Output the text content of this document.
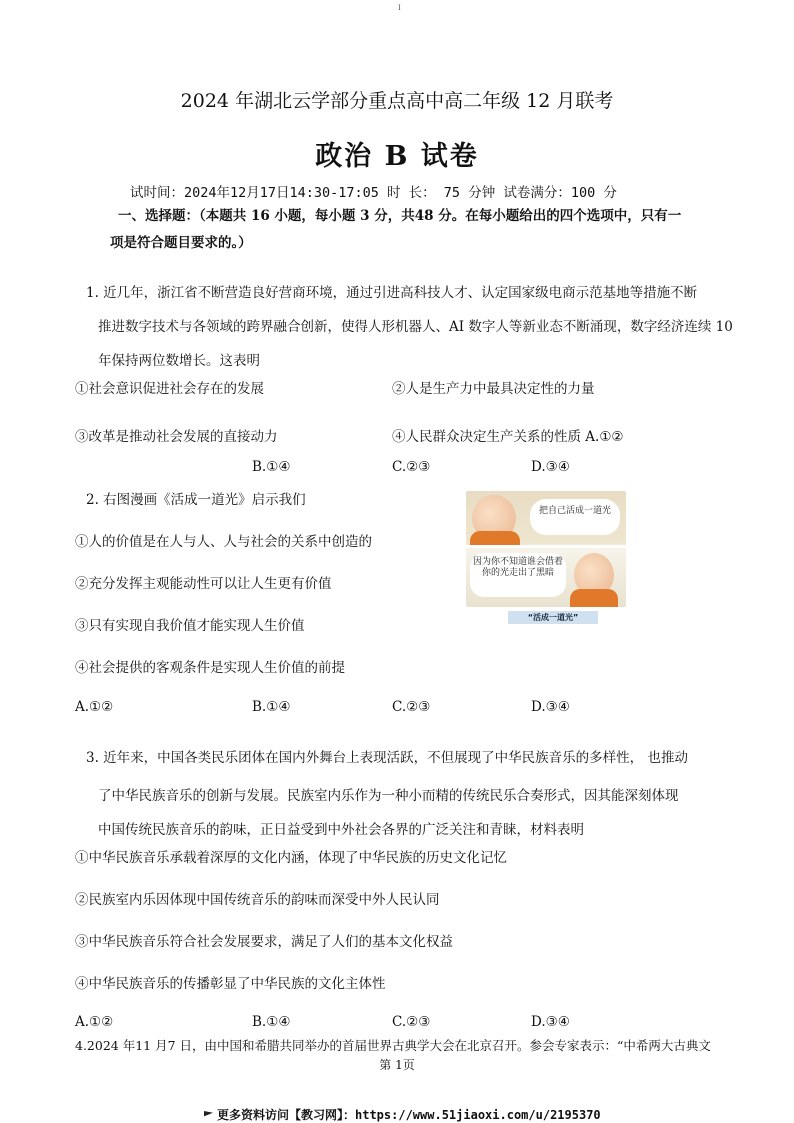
I
2024 年湖北云学部分重点高中高二年级 12 月联考
政治 B 试卷
试时间：2024年12月17日14:30-17:05 时 长： 75 分钟 试卷满分：100 分
一、选择题：（本题共 16 小题，每小题 3 分，共48 分。在每小题给出的四个选项中，只有一
项是符合题目要求的。）
1. 近几年，浙江省不断营造良好营商环境，通过引进高科技人才、认定国家级电商示范基地等措施不断
推进数字技术与各领域的跨界融合创新，使得人形机器人、AI 数字人等新业态不断涌现，数字经济连续 10
年保持两位数增长。这表明
①社会意识促进社会存在的发展	②人是生产力中最具决定性的力量
③改革是推动社会发展的直接动力	④人民群众决定生产关系的性质 A.①②
B.①④	C.②③	D.③④
2. 右图漫画《活成一道光》启示我们
①人的价值是在人与人、人与社会的关系中创造的
②充分发挥主观能动性可以让人生更有价值
③只有实现自我价值才能实现人生价值
④社会提供的客观条件是实现人生价值的前提
A.①②	B.①④	C.②③	D.③④
把自己活成一道光
因为你不知道谁会借着你的光走出了黑暗
“活成一道光”
3. 近年来，中国各类民乐团体在国内外舞台上表现活跃，不但展现了中华民族音乐的多样性， 也推动
了中华民族音乐的创新与发展。民族室内乐作为一种小而精的传统民乐合奏形式，因其能深刻体现
中国传统民族音乐的韵味，正日益受到中外社会各界的广泛关注和青睐，材料表明
①中华民族音乐承载着深厚的文化内涵，体现了中华民族的历史文化记忆
②民族室内乐因体现中国传统音乐的韵味而深受中外人民认同
③中华民族音乐符合社会发展要求，满足了人们的基本文化权益
④中华民族音乐的传播彰显了中华民族的文化主体性
A.①②	B.①④	C.②③	D.③④
4.2024 年11 月7 日，由中国和希腊共同举办的首届世界古典学大会在北京召开。参会专家表示：“中希两大古典文
第 1页
更多资料访问【教习网】：https://www.51jiaoxi.com/u/2195370
